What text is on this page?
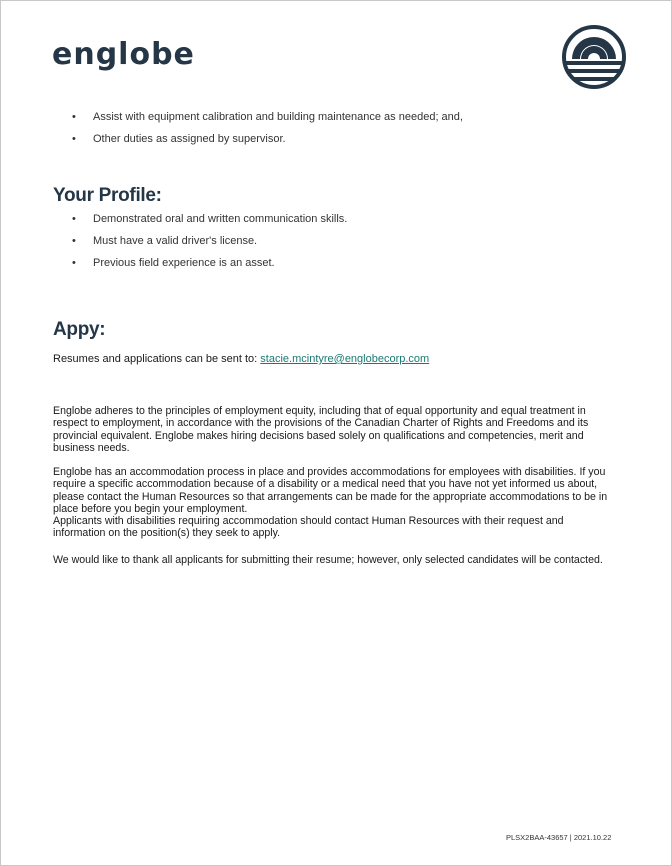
englobe
• Assist with equipment calibration and building maintenance as needed; and,
• Other duties as assigned by supervisor.
Your Profile:
• Demonstrated oral and written communication skills.
• Must have a valid driver's license.
• Previous field experience is an asset.
Appy:

Resumes and applications can be sent to: stacie.mcintyre@englobecorp.com

Englobe adheres to the principles of employment equity, including that of equal opportunity and equal treatment in respect to employment, in accordance with the provisions of the Canadian Charter of Rights and Freedoms and its provincial equivalent. Englobe makes hiring decisions based solely on qualifications and competencies, merit and business needs.

Englobe has an accommodation process in place and provides accommodations for employees with disabilities. If you require a specific accommodation because of a disability or a medical need that you have not yet informed us about, please contact the Human Resources so that arrangements can be made for the appropriate accommodations to be in place before you begin your employment.
Applicants with disabilities requiring accommodation should contact Human Resources with their request and information on the position(s) they seek to apply.

We would like to thank all applicants for submitting their resume; however, only selected candidates will be contacted.

PLSX2BAA-43657 | 2021.10.22
